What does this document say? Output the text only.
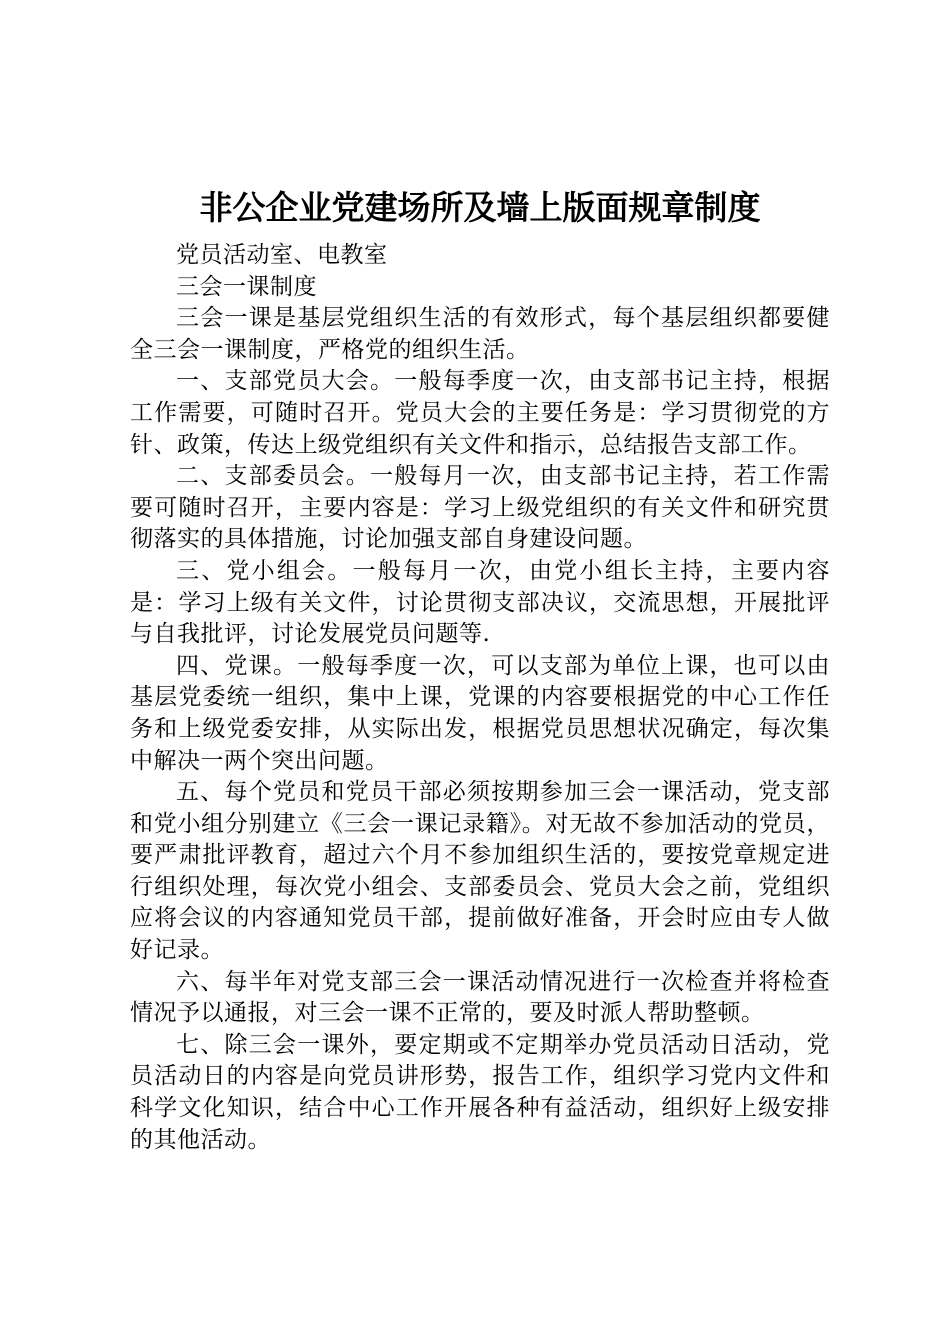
非公企业党建场所及墙上版面规章制度

党员活动室、电教室

三会一课制度

三会一课是基层党组织生活的有效形式，每个基层组织都要健全三会一课制度，严格党的组织生活。

一、支部党员大会。一般每季度一次，由支部书记主持，根据工作需要，可随时召开。党员大会的主要任务是：学习贯彻党的方针、政策，传达上级党组织有关文件和指示，总结报告支部工作。

二、支部委员会。一般每月一次，由支部书记主持，若工作需要可随时召开，主要内容是：学习上级党组织的有关文件和研究贯彻落实的具体措施，讨论加强支部自身建设问题。

三、党小组会。一般每月一次，由党小组长主持，主要内容是：学习上级有关文件，讨论贯彻支部决议，交流思想，开展批评与自我批评，讨论发展党员问题等.

四、党课。一般每季度一次，可以支部为单位上课，也可以由基层党委统一组织，集中上课，党课的内容要根据党的中心工作任务和上级党委安排，从实际出发，根据党员思想状况确定，每次集中解决一两个突出问题。

五、每个党员和党员干部必须按期参加三会一课活动，党支部和党小组分别建立《三会一课记录籍》。对无故不参加活动的党员，要严肃批评教育，超过六个月不参加组织生活的，要按党章规定进行组织处理，每次党小组会、支部委员会、党员大会之前，党组织应将会议的内容通知党员干部，提前做好准备，开会时应由专人做好记录。

六、每半年对党支部三会一课活动情况进行一次检查并将检查情况予以通报，对三会一课不正常的，要及时派人帮助整顿。

七、除三会一课外，要定期或不定期举办党员活动日活动，党员活动日的内容是向党员讲形势，报告工作，组织学习党内文件和科学文化知识，结合中心工作开展各种有益活动，组织好上级安排的其他活动。
